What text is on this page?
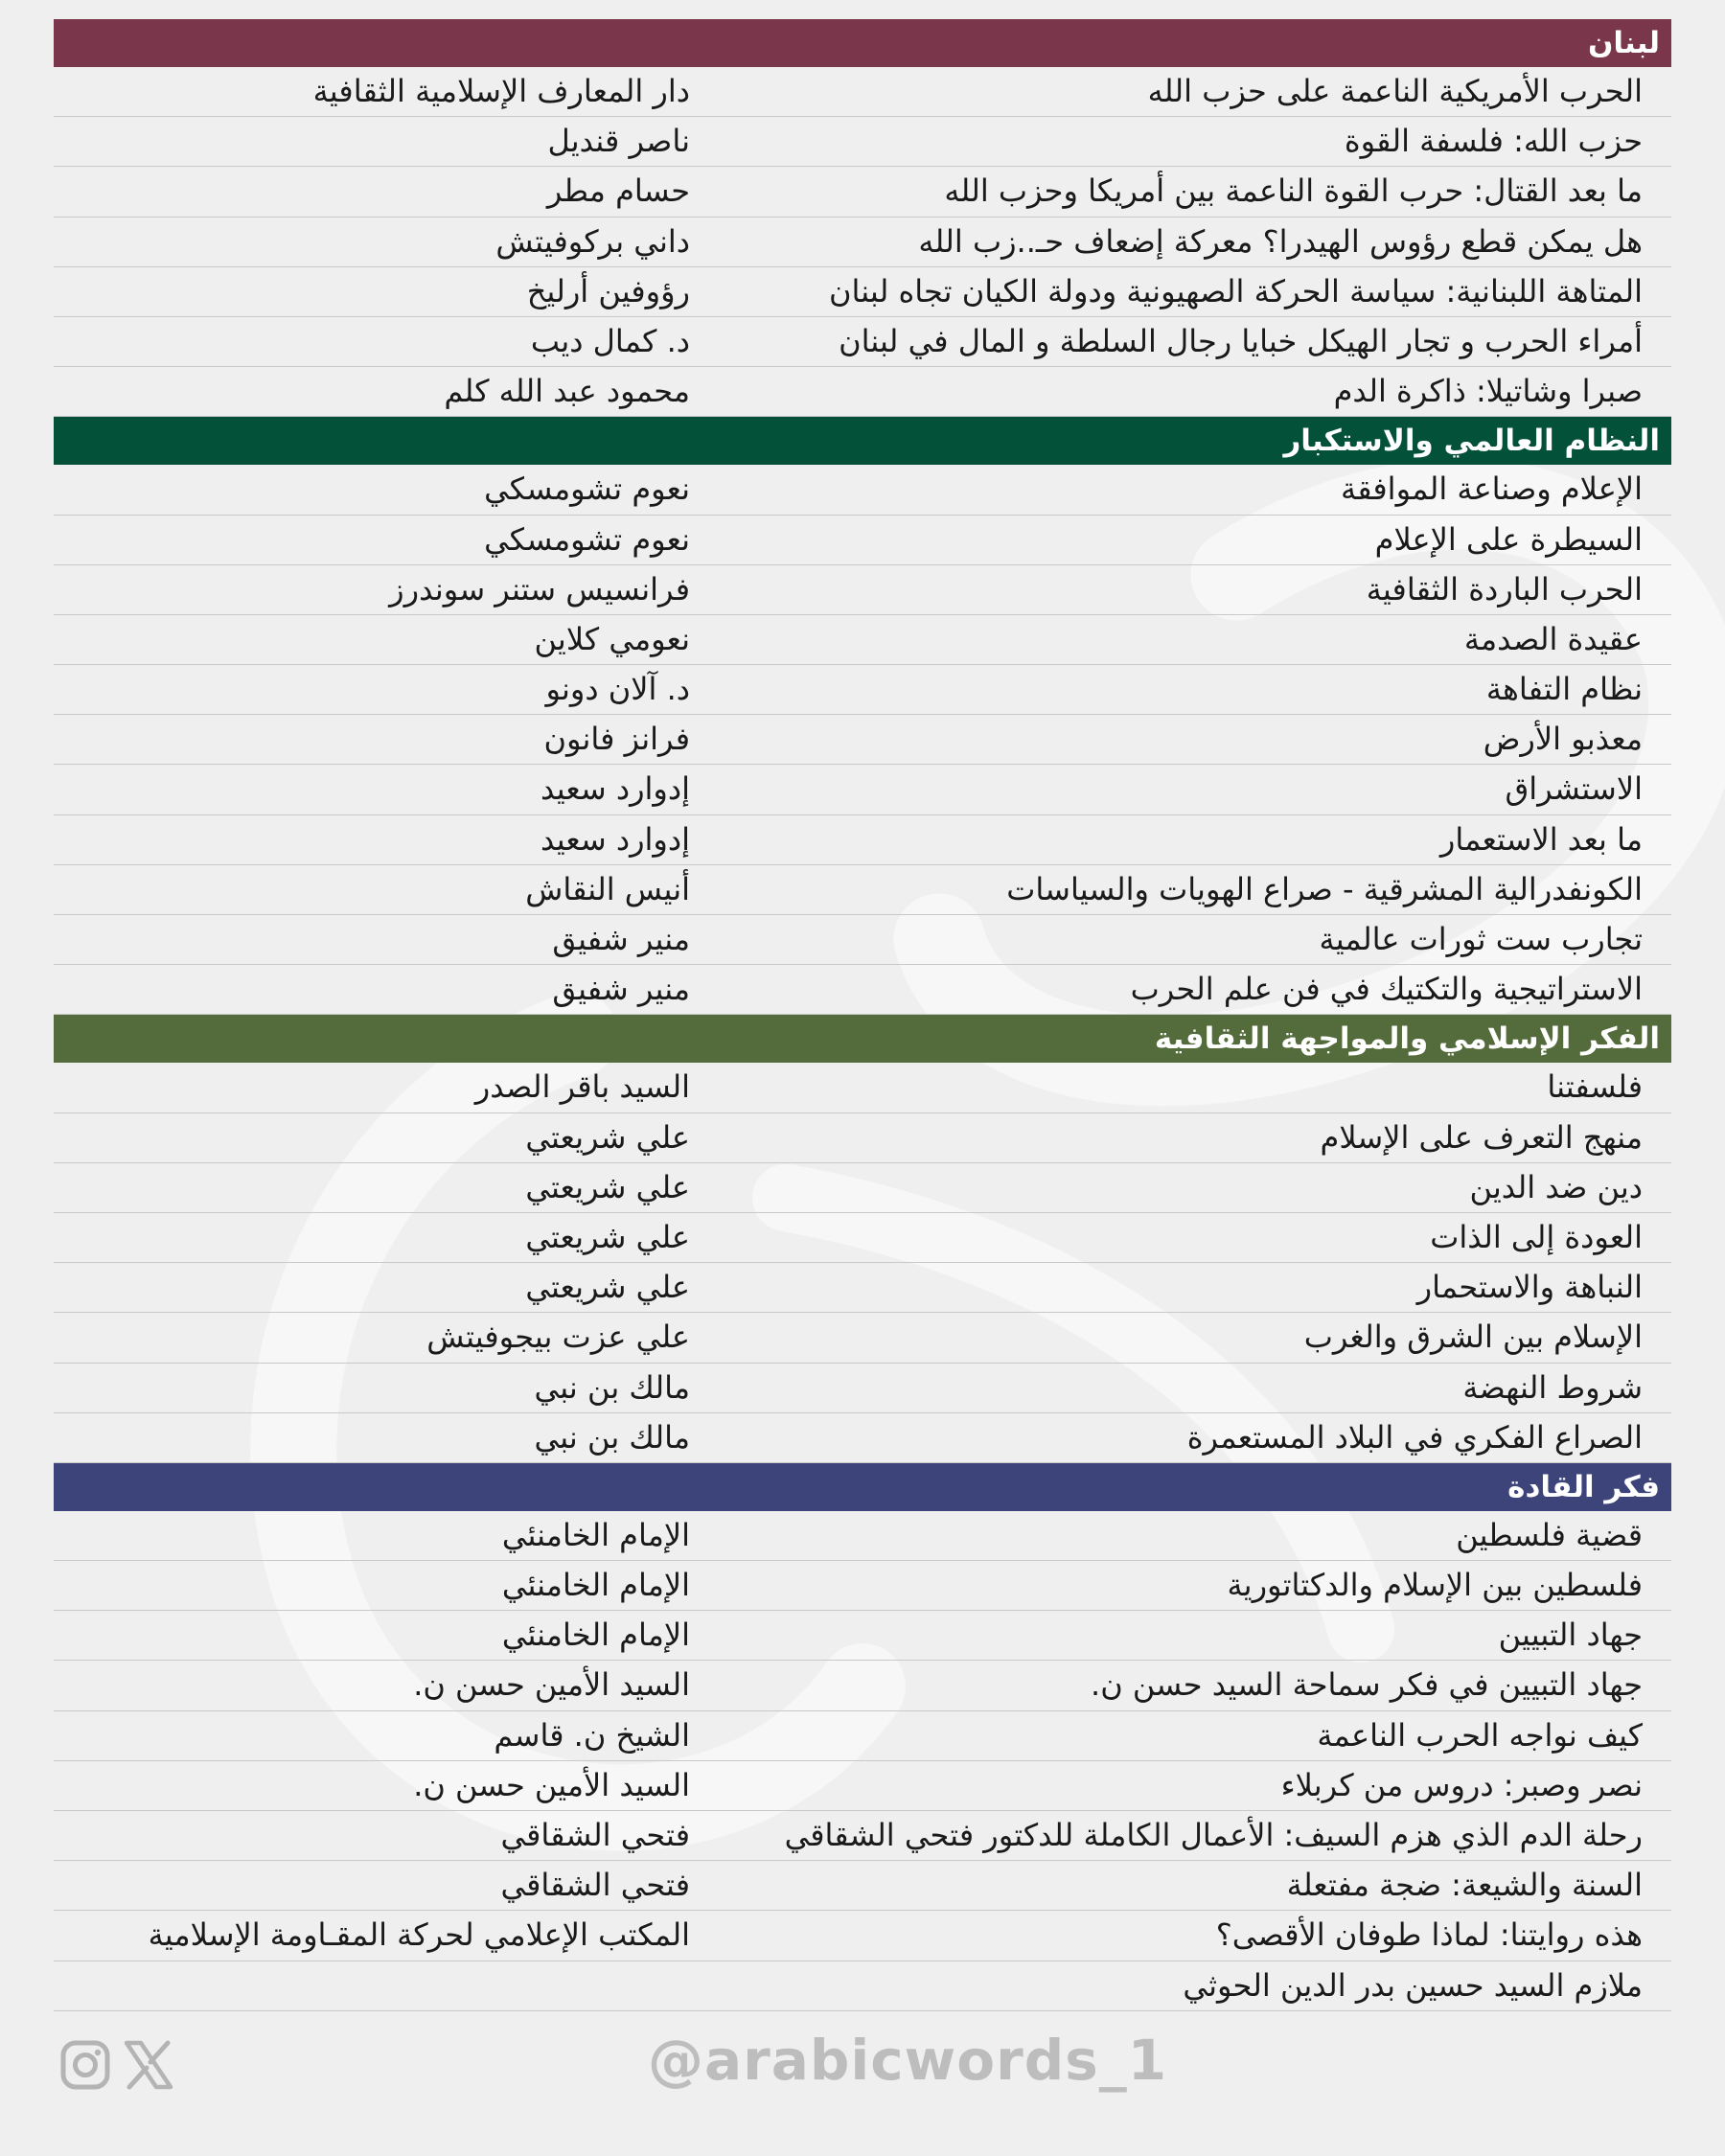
لبنان
الحرب الأمريكية الناعمة على حزب الله
دار المعارف الإسلامية الثقافية
حزب الله: فلسفة القوة
ناصر قنديل
ما بعد القتال: حرب القوة الناعمة بين أمريكا وحزب الله
حسام مطر
هل يمكن قطع رؤوس الهيدرا؟ معركة إضعاف حـ..زب الله
داني بركوفيتش
المتاهة اللبنانية: سياسة الحركة الصهيونية ودولة الكيان تجاه لبنان
رؤوفين أرليخ
أمراء الحرب و تجار الهيكل خبايا رجال السلطة و المال في لبنان
د. كمال ديب
صبرا وشاتيلا: ذاكرة الدم
محمود عبد الله كلم
النظام العالمي والاستكبار
الإعلام وصناعة الموافقة
نعوم تشومسكي
السيطرة على الإعلام
نعوم تشومسكي
الحرب الباردة الثقافية
فرانسيس ستنر سوندرز
عقيدة الصدمة
نعومي كلاين
نظام التفاهة
د. آلان دونو
معذبو الأرض
فرانز فانون
الاستشراق
إدوارد سعيد
ما بعد الاستعمار
إدوارد سعيد
الكونفدرالية المشرقية - صراع الهويات والسياسات
أنيس النقاش
تجارب ست ثورات عالمية
منير شفيق
الاستراتيجية والتكتيك في فن علم الحرب
منير شفيق
الفكر الإسلامي والمواجهة الثقافية
فلسفتنا
السيد باقر الصدر
منهج التعرف على الإسلام
علي شريعتي
دين ضد الدين
علي شريعتي
العودة إلى الذات
علي شريعتي
النباهة والاستحمار
علي شريعتي
الإسلام بين الشرق والغرب
علي عزت بيجوفيتش
شروط النهضة
مالك بن نبي
الصراع الفكري في البلاد المستعمرة
مالك بن نبي
فكر القادة
قضية فلسطين
الإمام الخامنئي
فلسطين بين الإسلام والدكتاتورية
الإمام الخامنئي
جهاد التبيين
الإمام الخامنئي
جهاد التبيين في فكر سماحة السيد حسن ن.
السيد الأمين حسن ن.
كيف نواجه الحرب الناعمة
الشيخ ن. قاسم
نصر وصبر: دروس من كربلاء
السيد الأمين حسن ن.
رحلة الدم الذي هزم السيف: الأعمال الكاملة للدكتور فتحي الشقاقي
فتحي الشقاقي
السنة والشيعة: ضجة مفتعلة
فتحي الشقاقي
هذه روايتنا: لماذا طوفان الأقصى؟
المكتب الإعلامي لحركة المقـاومة الإسلامية
ملازم السيد حسين بدر الدين الحوثي
@arabicwords_1
